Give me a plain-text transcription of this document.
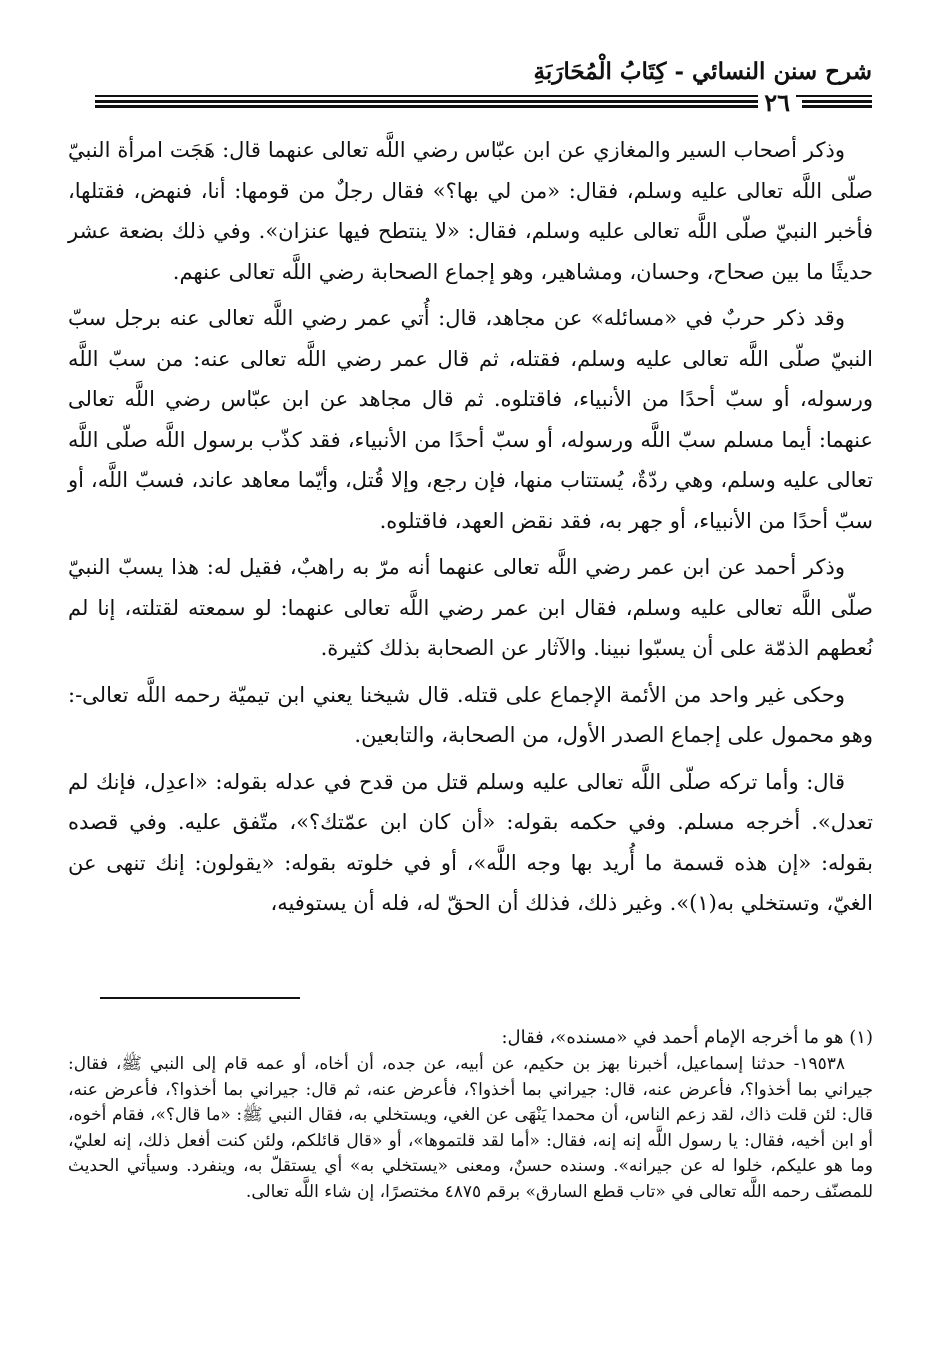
شرح سنن النسائي - كِتَابُ الْمُحَارَبَةِ
٢٦

وذكر أصحاب السير والمغازي عن ابن عبّاس رضي اللَّه تعالى عنهما قال: هَجَت امرأة النبيّ صلّى اللَّه تعالى عليه وسلم، فقال: «من لي بها؟» فقال رجلٌ من قومها: أنا، فنهض، فقتلها، فأخبر النبيّ صلّى اللَّه تعالى عليه وسلم، فقال: «لا ينتطح فيها عنزان». وفي ذلك بضعة عشر حديثًا ما بين صحاح، وحسان، ومشاهير، وهو إجماع الصحابة رضي اللَّه تعالى عنهم.

وقد ذكر حربٌ في «مسائله» عن مجاهد، قال: أُتي عمر رضي اللَّه تعالى عنه برجل سبّ النبيّ صلّى اللَّه تعالى عليه وسلم، فقتله، ثم قال عمر رضي اللَّه تعالى عنه: من سبّ اللَّه ورسوله، أو سبّ أحدًا من الأنبياء، فاقتلوه. ثم قال مجاهد عن ابن عبّاس رضي اللَّه تعالى عنهما: أيما مسلم سبّ اللَّه ورسوله، أو سبّ أحدًا من الأنبياء، فقد كذّب برسول اللَّه صلّى اللَّه تعالى عليه وسلم، وهي ردّةٌ، يُستتاب منها، فإن رجع، وإلا قُتل، وأيّما معاهد عاند، فسبّ اللَّه، أو سبّ أحدًا من الأنبياء، أو جهر به، فقد نقض العهد، فاقتلوه.

وذكر أحمد عن ابن عمر رضي اللَّه تعالى عنهما أنه مرّ به راهبٌ، فقيل له: هذا يسبّ النبيّ صلّى اللَّه تعالى عليه وسلم، فقال ابن عمر رضي اللَّه تعالى عنهما: لو سمعته لقتلته، إنا لم نُعطهم الذمّة على أن يسبّوا نبينا. والآثار عن الصحابة بذلك كثيرة.

وحكى غير واحد من الأئمة الإجماع على قتله. قال شيخنا يعني ابن تيميّة رحمه اللَّه تعالى-: وهو محمول على إجماع الصدر الأول، من الصحابة، والتابعين.

قال: وأما تركه صلّى اللَّه تعالى عليه وسلم قتل من قدح في عدله بقوله: «اعدِل، فإنك لم تعدل». أخرجه مسلم. وفي حكمه بقوله: «أن كان ابن عمّتك؟»، متّفق عليه. وفي قصده بقوله: «إن هذه قسمة ما أُريد بها وجه اللَّه»، أو في خلوته بقوله: «يقولون: إنك تنهى عن الغيّ، وتستخلي به(١)». وغير ذلك، فذلك أن الحقّ له، فله أن يستوفيه،

(١) هو ما أخرجه الإمام أحمد في «مسنده»، فقال:

١٩٥٣٨- حدثنا إسماعيل، أخبرنا بهز بن حكيم، عن أبيه، عن جده، أن أخاه، أو عمه قام إلى النبي ﷺ، فقال: جيراني بما أخذوا؟، فأعرض عنه، قال: جيراني بما أخذوا؟، فأعرض عنه، ثم قال: جيراني بما أخذوا؟، فأعرض عنه، قال: لئن قلت ذاك، لقد زعم الناس، أن محمدا يَنْهَى عن الغي، ويستخلي به، فقال النبي ﷺ: «ما قال؟»، فقام أخوه، أو ابن أخيه، فقال: يا رسول اللَّه إنه إنه، فقال: «أما لقد قلتموها»، أو «قال قائلكم، ولئن كنت أفعل ذلك، إنه لعليّ، وما هو عليكم، خلوا له عن جيرانه». وسنده حسنٌ، ومعنى «يستخلي به» أي يستقلّ به، وينفرد. وسيأتي الحديث للمصنّف رحمه اللَّه تعالى في «تاب قطع السارق» برقم ٤٨٧٥ مختصرًا، إن شاء اللَّه تعالى.
